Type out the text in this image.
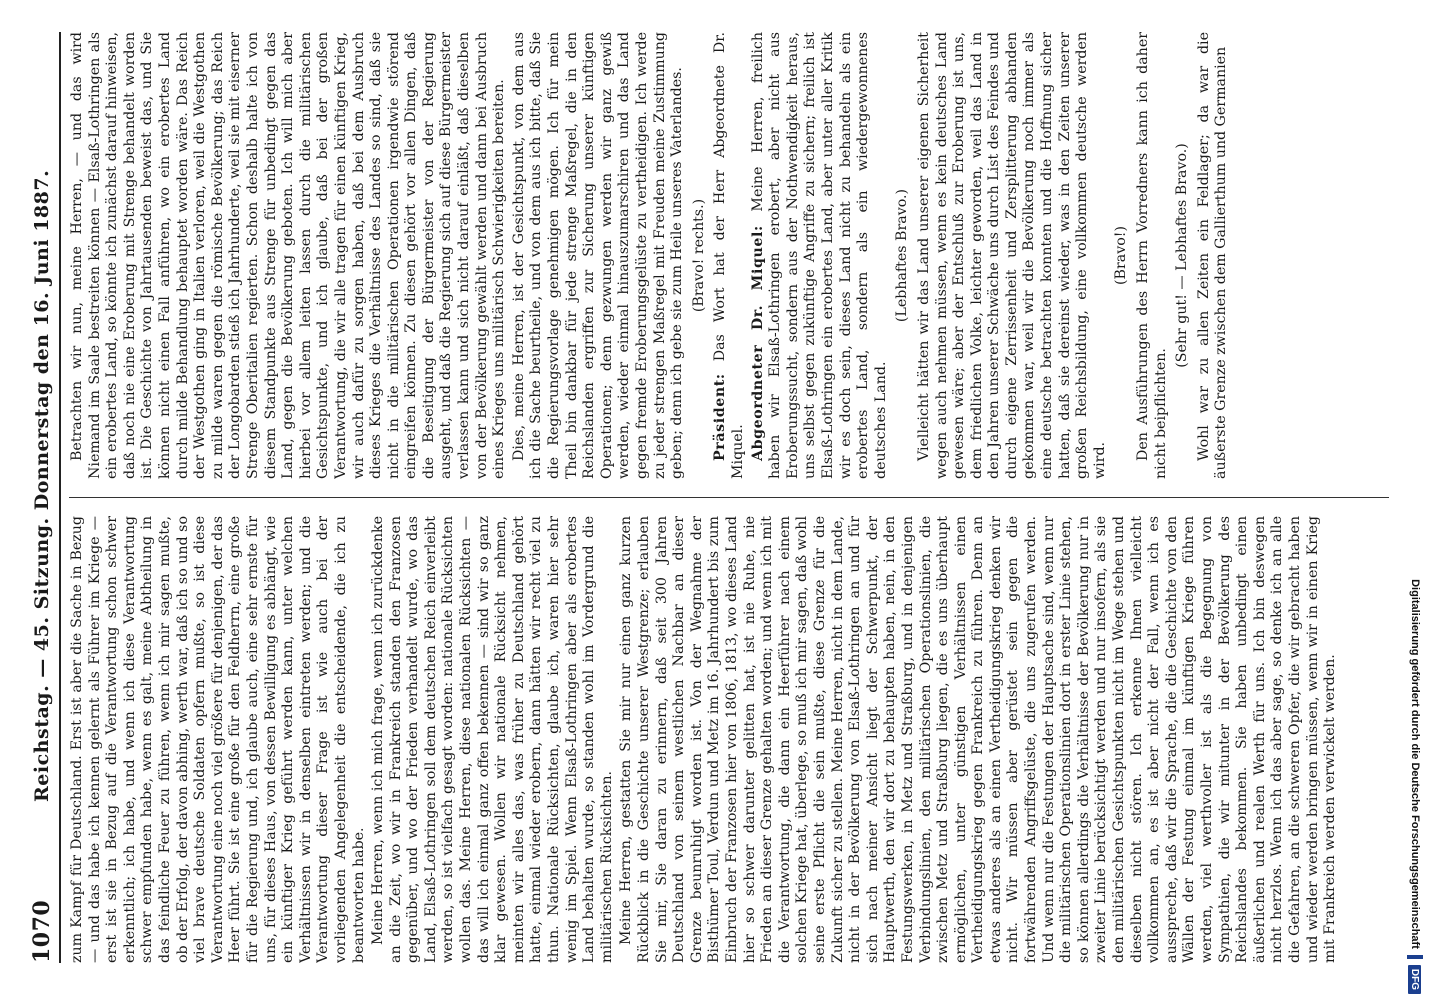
1070
Reichstag. — 45. Sitzung. Donnerstag den 16. Juni 1887. zum Kampf für Deutschland. Erst ist aber die Sache in Bezug — und das habe ich kennen gelernt als Führer im Kriege — erst ist sie in Bezug auf die Verantwortung schon schwer erkenntlich; ich habe, und wenn ich diese Verantwortung schwer empfunden habe, wenn es galt, meine Abtheilung in das feindliche Feuer zu führen, wenn ich mir sagen mußte, ob der Erfolg, der davon abhing, werth war, daß ich so und so viel brave deutsche Soldaten opfern mußte, so ist diese Verantwortung eine noch viel größere für denjenigen, der das Heer führt. Sie ist eine große für den Feldherrn, eine große für die Regierung und, ich glaube auch, eine sehr ernste für uns, für dieses Haus, von dessen Bewilligung es abhängt, wie ein künftiger Krieg geführt werden kann, unter welchen Verhältnissen wir in denselben eintreten werden; und die Verantwortung dieser Frage ist wie auch bei der vorliegenden Angelegenheit die entscheidende, die ich zu beantworten habe. Meine Herren, wenn ich mich frage, wenn ich zurückdenke an die Zeit, wo wir in Frankreich standen den Franzosen gegenüber, und wo der Frieden verhandelt wurde, wo das Land, Elsaß-Lothringen soll dem deutschen Reich einverleibt werden, so ist vielfach gesagt worden: nationale Rücksichten wollen das. Meine Herren, diese nationalen Rücksichten — das will ich einmal ganz offen bekennen — sind wir so ganz klar gewesen. Wollen wir nationale Rücksicht nehmen, meinten wir alles das, was früher zu Deutschland gehört hatte, einmal wieder erobern, dann hätten wir recht viel zu thun. Nationale Rücksichten, glaube ich, waren hier sehr wenig im Spiel. Wenn Elsaß-Lothringen aber als erobertes Land behalten wurde, so standen wohl im Vordergrund die militärischen Rücksichten. Meine Herren, gestatten Sie mir nur einen ganz kurzen Rückblick in die Geschichte unserer Westgrenze; erlauben Sie mir, Sie daran zu erinnern, daß seit 300 Jahren Deutschland von seinem westlichen Nachbar an dieser Grenze beunruhigt worden ist. Von der Wegnahme der Bisthümer Toul, Verdun und Metz im 16. Jahrhundert bis zum Einbruch der Franzosen hier von 1806, 1813, wo dieses Land hier so schwer darunter gelitten hat, ist nie Ruhe, nie Frieden an dieser Grenze gehalten worden; und wenn ich mit die Verantwortung, die dann ein Heerführer nach einem solchen Kriege hat, überlege, so muß ich mir sagen, daß wohl seine erste Pflicht die sein mußte, diese Grenze für die Zukunft sicher zu stellen. Meine Herren, nicht in dem Lande, nicht in der Bevölkerung von Elsaß-Lothringen an und für sich nach meiner Ansicht liegt der Schwerpunkt, der Hauptwerth, den wir dort zu behaupten haben, nein, in den Festungswerken, in Metz und Straßburg, und in denjenigen Verbindungslinien, den militärischen Operationslinien, die zwischen Metz und Straßburg liegen, die es uns überhaupt ermöglichen, unter günstigen Verhältnissen einen Vertheidigungskrieg gegen Frankreich zu führen. Denn an etwas anderes als an einen Vertheidigungskrieg denken wir nicht. Wir müssen aber gerüstet sein gegen die fortwährenden Angriffsgelüste, die uns zugerufen werden. Und wenn nur die Festungen der Hauptsache sind, wenn nur die militärischen Operationslinien dort in erster Linie stehen, so können allerdings die Verhältnisse der Bevölkerung nur in zweiter Linie berücksichtigt werden und nur insofern, als sie den militärischen Gesichtspunkten nicht im Wege stehen und dieselben nicht stören. Ich erkenne Ihnen vielleicht vollkommen an, es ist aber nicht der Fall, wenn ich es ausspreche, daß wir die Sprache, die die Geschichte von den Wällen der Festung einmal im künftigen Kriege führen werden, viel werthvoller ist als die Begegnung von Sympathien, die wir mitunter in der Bevölkerung des Reichslandes bekommen. Sie haben unbedingt einen äußerlichen und realen Werth für uns. Ich bin deswegen nicht herzlos. Wenn ich das aber sage, so denke ich an alle die Gefahren, an die schweren Opfer, die wir gebracht haben und wieder werden bringen müssen, wenn wir in einen Krieg mit Frankreich werden verwickelt werden.

Betrachten wir nun, meine Herren, — und das wird Niemand im Saale bestreiten können — Elsaß-Lothringen als ein erobertes Land, so könnte ich zunächst darauf hinweisen, daß noch nie eine Eroberung mit Strenge behandelt worden ist. Die Geschichte von Jahrtausenden beweist das, und Sie können nicht einen Fall anführen, wo ein erobertes Land durch milde Behandlung behauptet worden wäre. Das Reich der Westgothen ging in Italien verloren, weil die Westgothen zu milde waren gegen die römische Bevölkerung; das Reich der Longobarden stieß ich Jahrhunderte, weil sie mit eiserner Strenge Oberitalien regierten. Schon deshalb halte ich von diesem Standpunkte aus Strenge für unbedingt gegen das Land, gegen die Bevölkerung geboten. Ich will mich aber hierbei vor allem leiten lassen durch die militärischen Gesichtspunkte, und ich glaube, daß bei der großen Verantwortung, die wir alle tragen für einen künftigen Krieg, wir auch dafür zu sorgen haben, daß bei dem Ausbruch dieses Krieges die Verhältnisse des Landes so sind, daß sie nicht in die militärischen Operationen irgendwie störend eingreifen können. Zu diesen gehört vor allen Dingen, daß die Beseitigung der Bürgermeister von der Regierung ausgeht, und daß die Regierung sich auf diese Bürgermeister verlassen kann und sich nicht darauf einläßt, daß dieselben von der Bevölkerung gewählt werden und dann bei Ausbruch eines Krieges uns militärisch Schwierigkeiten bereiten. Dies, meine Herren, ist der Gesichtspunkt, von dem aus ich die Sache beurtheile, und von dem aus ich bitte, daß Sie die Regierungsvorlage genehmigen mögen. Ich für mein Theil bin dankbar für jede strenge Maßregel, die in den Reichslanden ergriffen zur Sicherung unserer künftigen Operationen; denn gezwungen werden wir ganz gewiß werden, wieder einmal hinauszumarschiren und das Land gegen fremde Eroberungsgelüste zu vertheidigen. Ich werde zu jeder strengen Maßregel mit Freuden meine Zustimmung geben; denn ich gebe sie zum Heile unseres Vaterlandes. (Bravo! rechts.)

Präsident: Das Wort hat der Herr Abgeordnete Dr. Miquel. Abgeordneter Dr. Miquel: Meine Herren, freilich haben wir Elsaß-Lothringen erobert, aber nicht aus Eroberungssucht, sondern aus der Nothwendigkeit heraus, uns selbst gegen zukünftige Angriffe zu sichern; freilich ist Elsaß-Lothringen ein erobertes Land, aber unter aller Kritik wir es doch sein, dieses Land nicht zu behandeln als ein erobertes Land, sondern als ein wiedergewonnenes deutsches Land.

(Lebhaftes Bravo.) Vielleicht hätten wir das Land unserer eigenen Sicherheit wegen auch nehmen müssen, wenn es kein deutsches Land gewesen wäre; aber der Entschluß zur Eroberung ist uns, dem friedlichen Volke, leichter geworden, weil das Land in den Jahren unserer Schwäche uns durch List des Feindes und durch eigene Zerrissenheit und Zersplitterung abhanden gekommen war, weil wir die Bevölkerung noch immer als eine deutsche betrachten konnten und die Hoffnung sicher hatten, daß sie dereinst wieder, was in den Zeiten unserer großen Reichsbildung, eine vollkommen deutsche werden wird.

(Bravo!) Den Ausführungen des Herrn Vorredners kann ich daher nicht beipflichten.

(Sehr gut! — Lebhaftes Bravo.) Wohl war zu allen Zeiten ein Feldlager; da war die äußerste Grenze zwischen dem Gallierthum und Germanien

Digitalisierung gefördert durch die Deutsche Forschungsgemeinschaft
DFG
